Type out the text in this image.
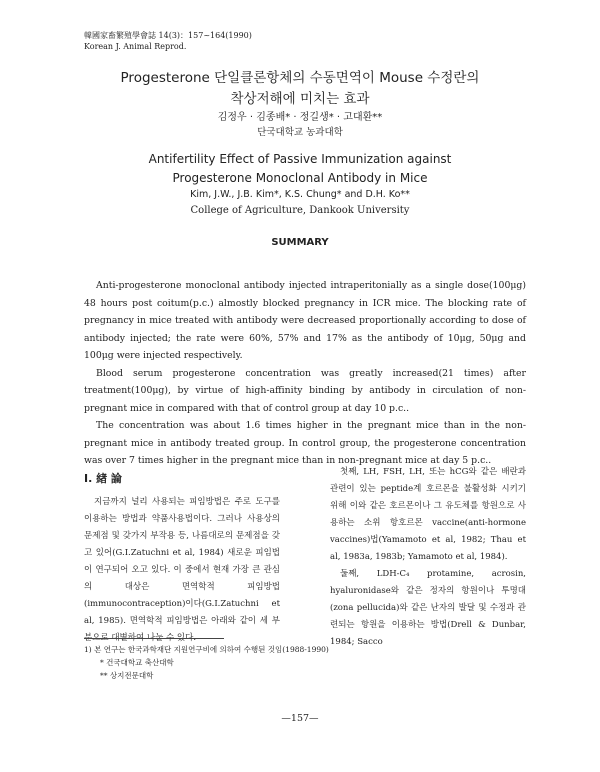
韓國家畜繁殖學會誌 14(3)：157~164(1990)
Korean J. Animal Reprod.
Progesterone 단일클론항체의 수동면역이 Mouse 수정란의
착상저해에 미치는 효과
김정우 · 김종배* · 정길생* · 고대환**
단국대학교 농과대학
Antifertility Effect of Passive Immunization against
Progesterone Monoclonal Antibody in Mice
Kim, J.W., J.B. Kim*, K.S. Chung* and D.H. Ko**
College of Agriculture, Dankook University
SUMMARY

Anti-progesterone monoclonal antibody injected intraperitonially as a single dose(100μg) 48 hours post coitum(p.c.) almostly blocked pregnancy in ICR mice. The blocking rate of pregnancy in mice treated with antibody were decreased proportionally according to dose of antibody injected; the rate were 60%, 57% and 17% as the antibody of 10μg, 50μg and 100μg were injected respectively.

Blood serum progesterone concentration was greatly increased(21 times) after treatment(100μg), by virtue of high-affinity binding by antibody in circulation of non-pregnant mice in compared with that of control group at day 10 p.c..

The concentration was about 1.6 times higher in the pregnant mice than in the non-pregnant mice in antibody treated group. In control group, the progesterone concentration was over 7 times higher in the pregnant mice than in non-pregnant mice at day 5 p.c..

Ⅰ. 緖 論

지금까지 널리 사용되는 피임방법은 주로 도구를 이용하는 방법과 약품사용법이다. 그러나 사용상의 문제점 및 갖가지 부작용 등, 나름대로의 문제점을 갖고 있어(G.I.Zatuchni et al, 1984) 새로운 피임법이 연구되어 오고 있다. 이 중에서 현재 가장 큰 관심의 대상은 면역학적 피임방법(immunocontraception)이다(G.I.Zatuchni et al, 1985). 면역학적 피임방법은 아래와 같이 세 부분으로 대별하여 나눌 수 있다.

첫째, LH, FSH, LH, 또는 hCG와 같은 배란과 관련이 있는 peptide계 호르몬을 불활성화 시키기 위해 이와 같은 호르몬이나 그 유도체를 항원으로 사용하는 소위 항호르몬 vaccine(anti-hormone vaccines)법(Yamamoto et al, 1982; Thau et al, 1983a, 1983b; Yamamoto et al, 1984).

둘째, LDH-C₄ protamine, acrosin, hyaluronidase와 같은 정자의 항원이나 투명대(zona pellucida)와 같은 난자의 발달 및 수정과 관련되는 항원을 이용하는 방법(Drell & Dunbar, 1984; Sacco

1) 본 연구는 한국과학재단 지원연구비에 의하여 수행된 것임(1988-1990)
* 건국대학교 축산대학
** 상지전문대학
—157—
